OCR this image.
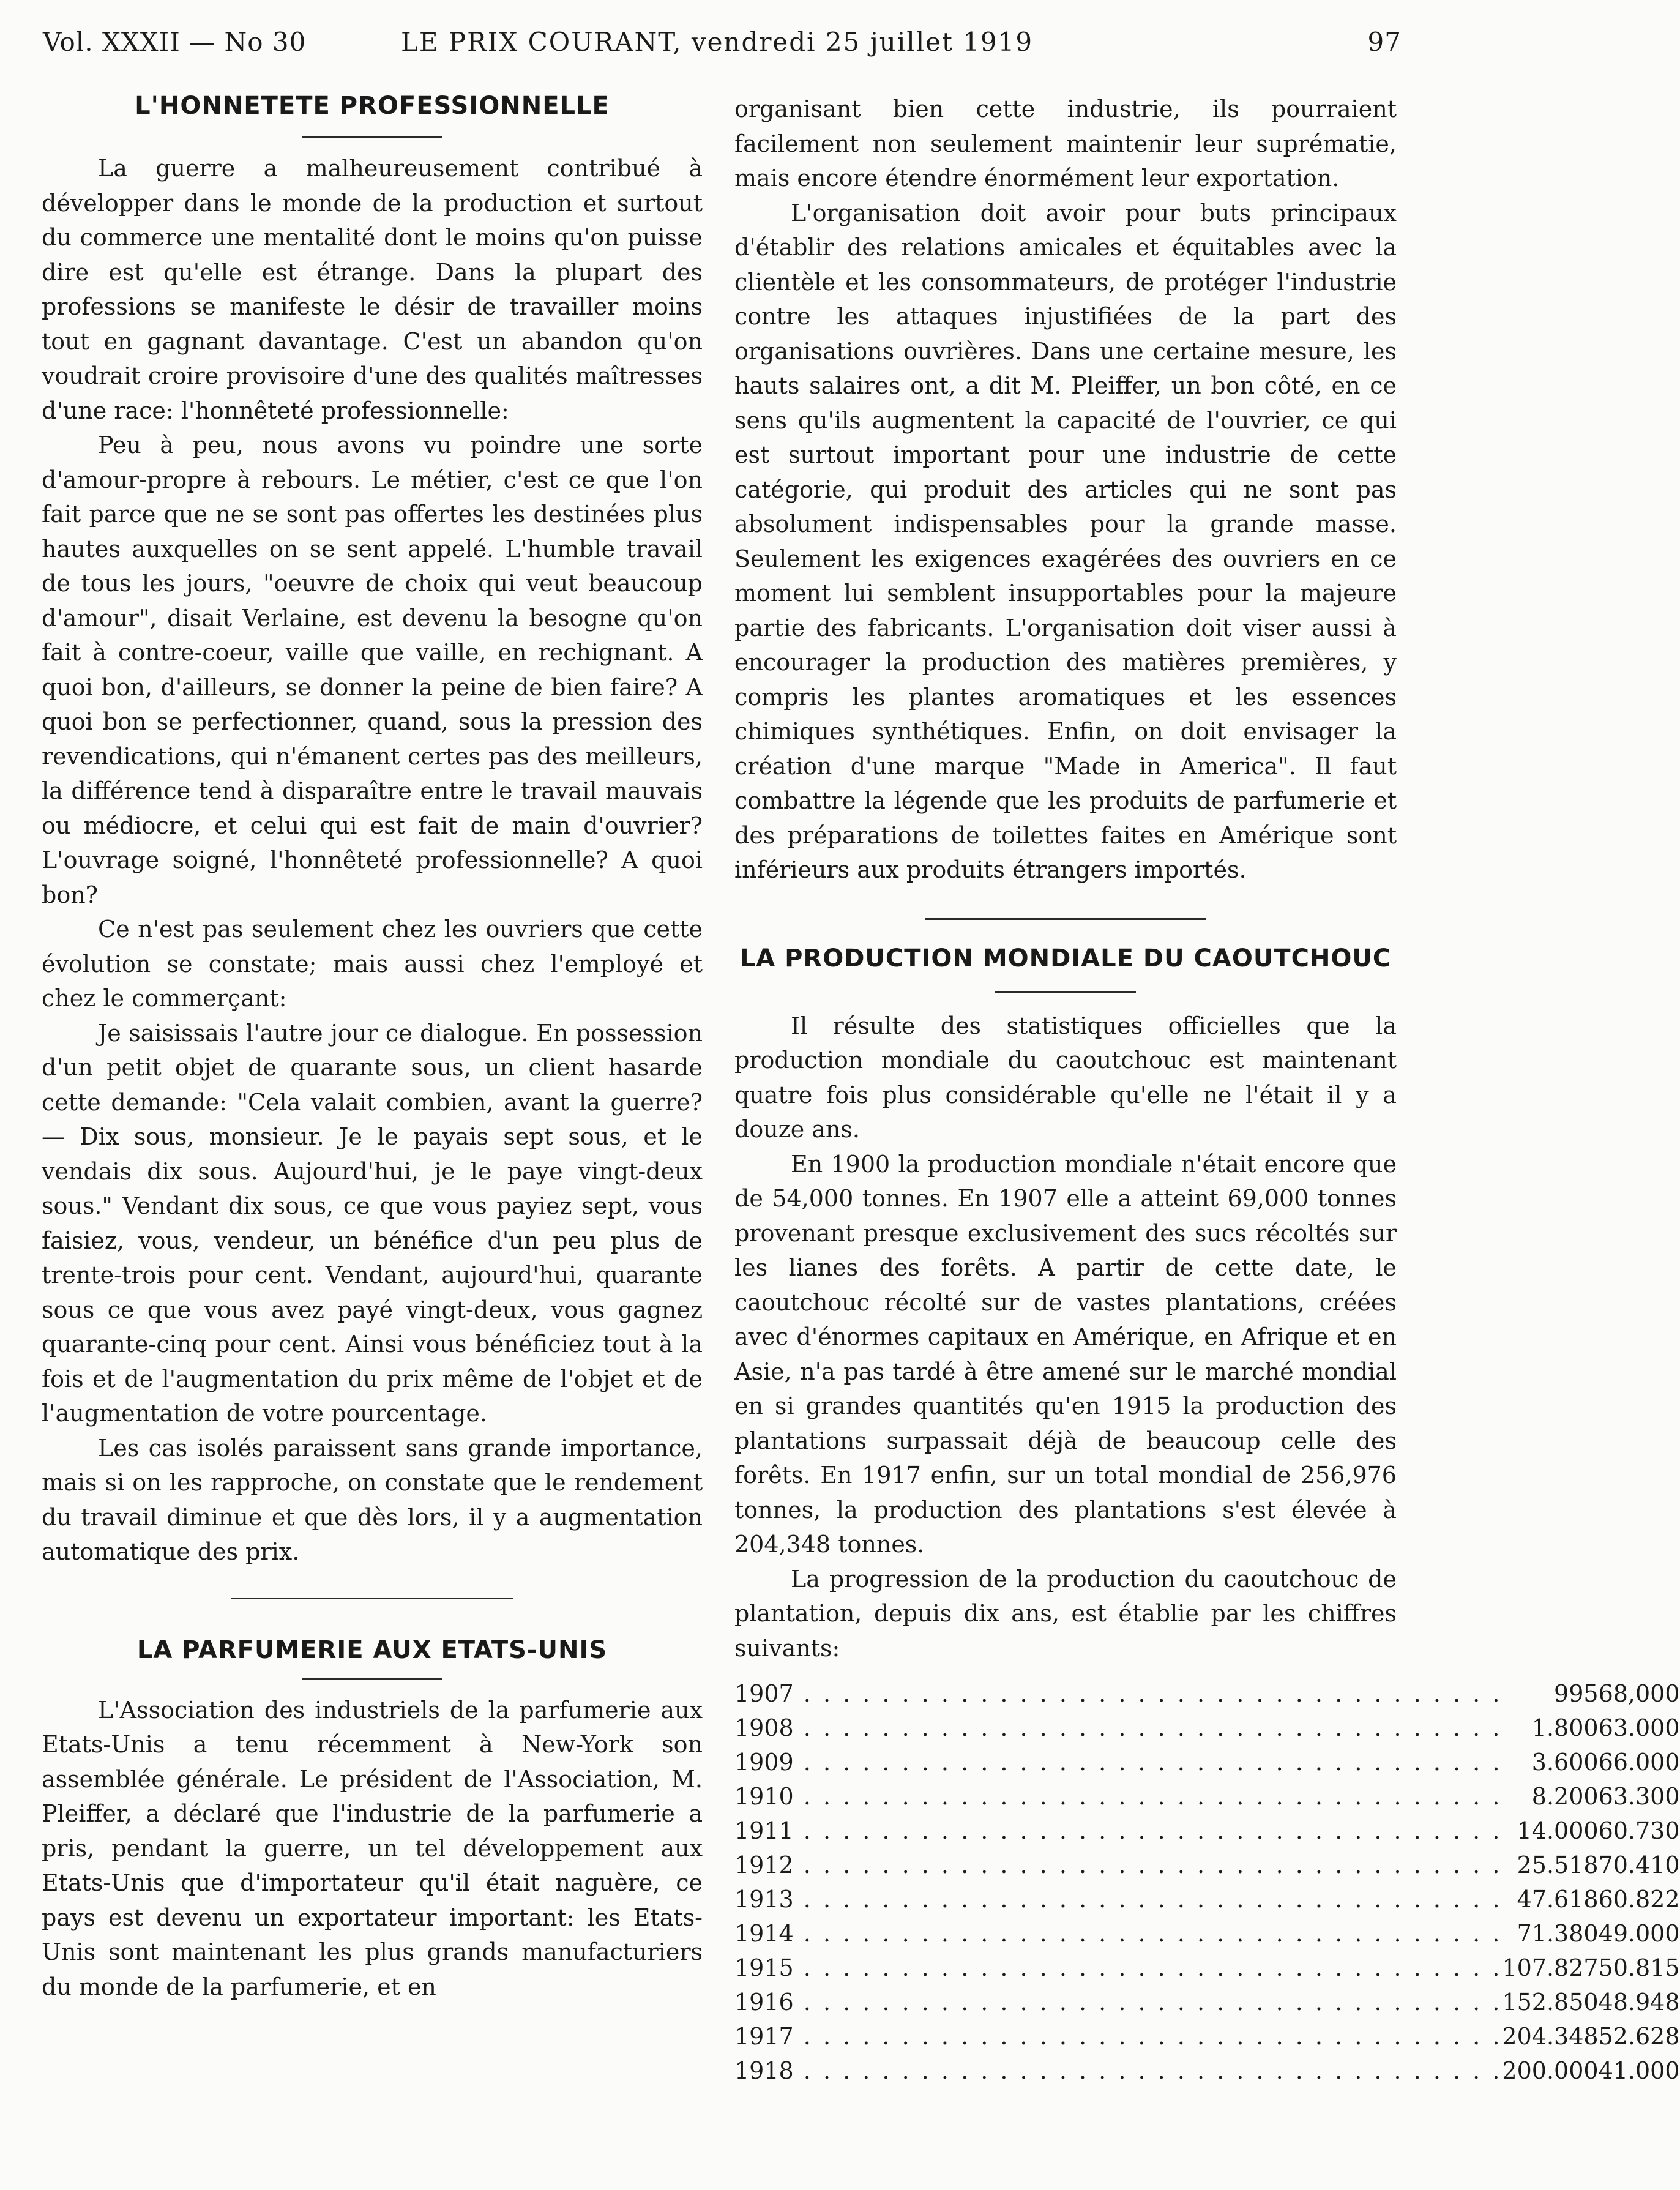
Vol. XXXII — No 30	LE PRIX COURANT, vendredi 25 juillet 1919	97
L'HONNETETE PROFESSIONNELLE

La guerre a malheureusement contribué à développer dans le monde de la production et surtout du commerce une mentalité dont le moins qu'on puisse dire est qu'elle est étrange. Dans la plupart des professions se manifeste le désir de travailler moins tout en gagnant davantage. C'est un abandon qu'on voudrait croire provisoire d'une des qualités maîtresses d'une race: l'honnêteté professionnelle:

Peu à peu, nous avons vu poindre une sorte d'amour-propre à rebours. Le métier, c'est ce que l'on fait parce que ne se sont pas offertes les destinées plus hautes auxquelles on se sent appelé. L'humble travail de tous les jours, "oeuvre de choix qui veut beaucoup d'amour", disait Verlaine, est devenu la besogne qu'on fait à contre-coeur, vaille que vaille, en rechignant. A quoi bon, d'ailleurs, se donner la peine de bien faire? A quoi bon se perfectionner, quand, sous la pression des revendications, qui n'émanent certes pas des meilleurs, la différence tend à disparaître entre le travail mauvais ou médiocre, et celui qui est fait de main d'ouvrier? L'ouvrage soigné, l'honnêteté professionnelle? A quoi bon?

Ce n'est pas seulement chez les ouvriers que cette évolution se constate; mais aussi chez l'employé et chez le commerçant:

Je saisissais l'autre jour ce dialogue. En possession d'un petit objet de quarante sous, un client hasarde cette demande: "Cela valait combien, avant la guerre? — Dix sous, monsieur. Je le payais sept sous, et le vendais dix sous. Aujourd'hui, je le paye vingt-deux sous." Vendant dix sous, ce que vous payiez sept, vous faisiez, vous, vendeur, un bénéfice d'un peu plus de trente-trois pour cent. Vendant, aujourd'hui, quarante sous ce que vous avez payé vingt-deux, vous gagnez quarante-cinq pour cent. Ainsi vous bénéficiez tout à la fois et de l'augmentation du prix même de l'objet et de l'augmentation de votre pourcentage.

Les cas isolés paraissent sans grande importance, mais si on les rapproche, on constate que le rendement du travail diminue et que dès lors, il y a augmentation automatique des prix.

LA PARFUMERIE AUX ETATS-UNIS

L'Association des industriels de la parfumerie aux Etats-Unis a tenu récemment à New-York son assemblée générale. Le président de l'Association, M. Pleiffer, a déclaré que l'industrie de la parfumerie a pris, pendant la guerre, un tel développement aux Etats-Unis que d'importateur qu'il était naguère, ce pays est devenu un exportateur important: les Etats-Unis sont maintenant les plus grands manufacturiers du monde de la parfumerie, et en

organisant bien cette industrie, ils pourraient facilement non seulement maintenir leur suprématie, mais encore étendre énormément leur exportation.

L'organisation doit avoir pour buts principaux d'établir des relations amicales et équitables avec la clientèle et les consommateurs, de protéger l'industrie contre les attaques injustifiées de la part des organisations ouvrières. Dans une certaine mesure, les hauts salaires ont, a dit M. Pleiffer, un bon côté, en ce sens qu'ils augmentent la capacité de l'ouvrier, ce qui est surtout important pour une industrie de cette catégorie, qui produit des articles qui ne sont pas absolument indispensables pour la grande masse. Seulement les exigences exagérées des ouvriers en ce moment lui semblent insupportables pour la majeure partie des fabricants. L'organisation doit viser aussi à encourager la production des matières premières, y compris les plantes aromatiques et les essences chimiques synthétiques. Enfin, on doit envisager la création d'une marque "Made in America". Il faut combattre la légende que les produits de parfumerie et des préparations de toilettes faites en Amérique sont inférieurs aux produits étrangers importés.

LA PRODUCTION MONDIALE DU CAOUTCHOUC

Il résulte des statistiques officielles que la production mondiale du caoutchouc est maintenant quatre fois plus considérable qu'elle ne l'était il y a douze ans.

En 1900 la production mondiale n'était encore que de 54,000 tonnes. En 1907 elle a atteint 69,000 tonnes provenant presque exclusivement des sucs récoltés sur les lianes des forêts. A partir de cette date, le caoutchouc récolté sur de vastes plantations, créées avec d'énormes capitaux en Amérique, en Afrique et en Asie, n'a pas tardé à être amené sur le marché mondial en si grandes quantités qu'en 1915 la production des plantations surpassait déjà de beaucoup celle des forêts. En 1917 enfin, sur un total mondial de 256,976 tonnes, la production des plantations s'est élevée à 204,348 tonnes.

La progression de la production du caoutchouc de plantation, depuis dix ans, est établie par les chiffres suivants:

1907 . . .	995	68,000
1908 . . .	1.800	63.000
1909 . . .	3.600	66.000
1910 . . .	8.200	63.300
1911 . . .	14.000	60.730
1912 . . .	25.518	70.410
1913 . . .	47.618	60.822
1914 . . .	71.380	49.000
1915 . . .	107.827	50.815
1916 . . .	152.850	48.948
1917 . . .	204.348	52.628
1918 . . .	200.000	41.000
